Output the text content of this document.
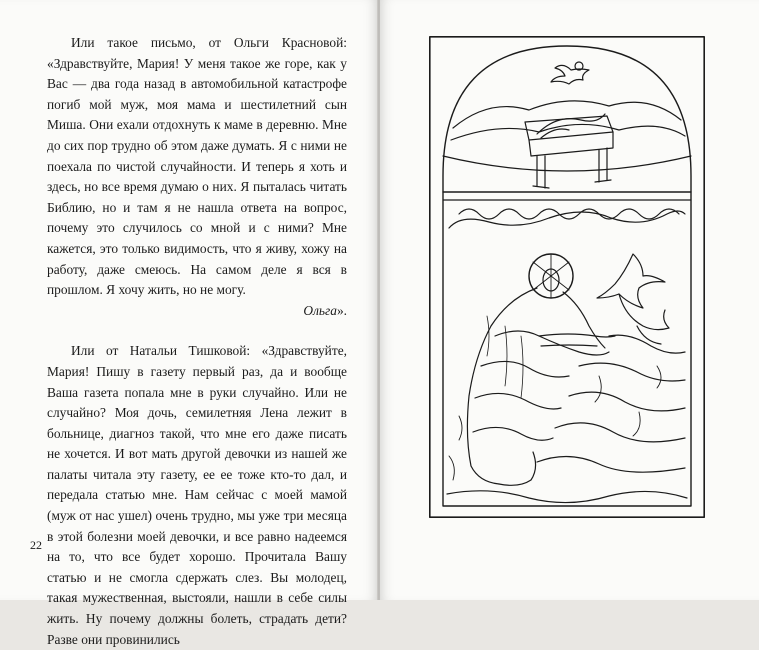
Или такое письмо, от Ольги Красновой: «Здравствуйте, Мария! У меня такое же горе, как у Вас — два года назад в автомобильной катастрофе погиб мой муж, моя мама и шестилетний сын Миша. Они ехали отдохнуть к маме в деревню. Мне до сих пор трудно об этом даже думать. Я с ними не поехала по чистой случайности. И теперь я хоть и здесь, но все время думаю о них. Я пыталась читать Библию, но и там я не нашла ответа на вопрос, почему это случилось со мной и с ними? Мне кажется, это только видимость, что я живу, хожу на работу, даже смеюсь. На самом деле я вся в прошлом. Я хочу жить, но не могу.

Ольга».

Или от Натальи Тишковой: «Здравствуйте, Мария! Пишу в газету первый раз, да и вообще Ваша газета попала мне в руки случайно. Или не случайно? Моя дочь, семилетняя Лена лежит в больнице, диагноз такой, что мне его даже писать не хочется. И вот мать другой девочки из нашей же палаты читала эту газету, ее ее тоже кто-то дал, и передала статью мне. Нам сейчас с моей мамой (муж от нас ушел) очень трудно, мы уже три месяца в этой болезни моей девочки, и все равно надеемся на то, что все будет хорошо. Прочитала Вашу статью и не смогла сдержать слез. Вы молодец, такая мужественная, выстояли, нашли в себе силы жить. Ну почему должны болеть, страдать дети? Разве они провинились

22
